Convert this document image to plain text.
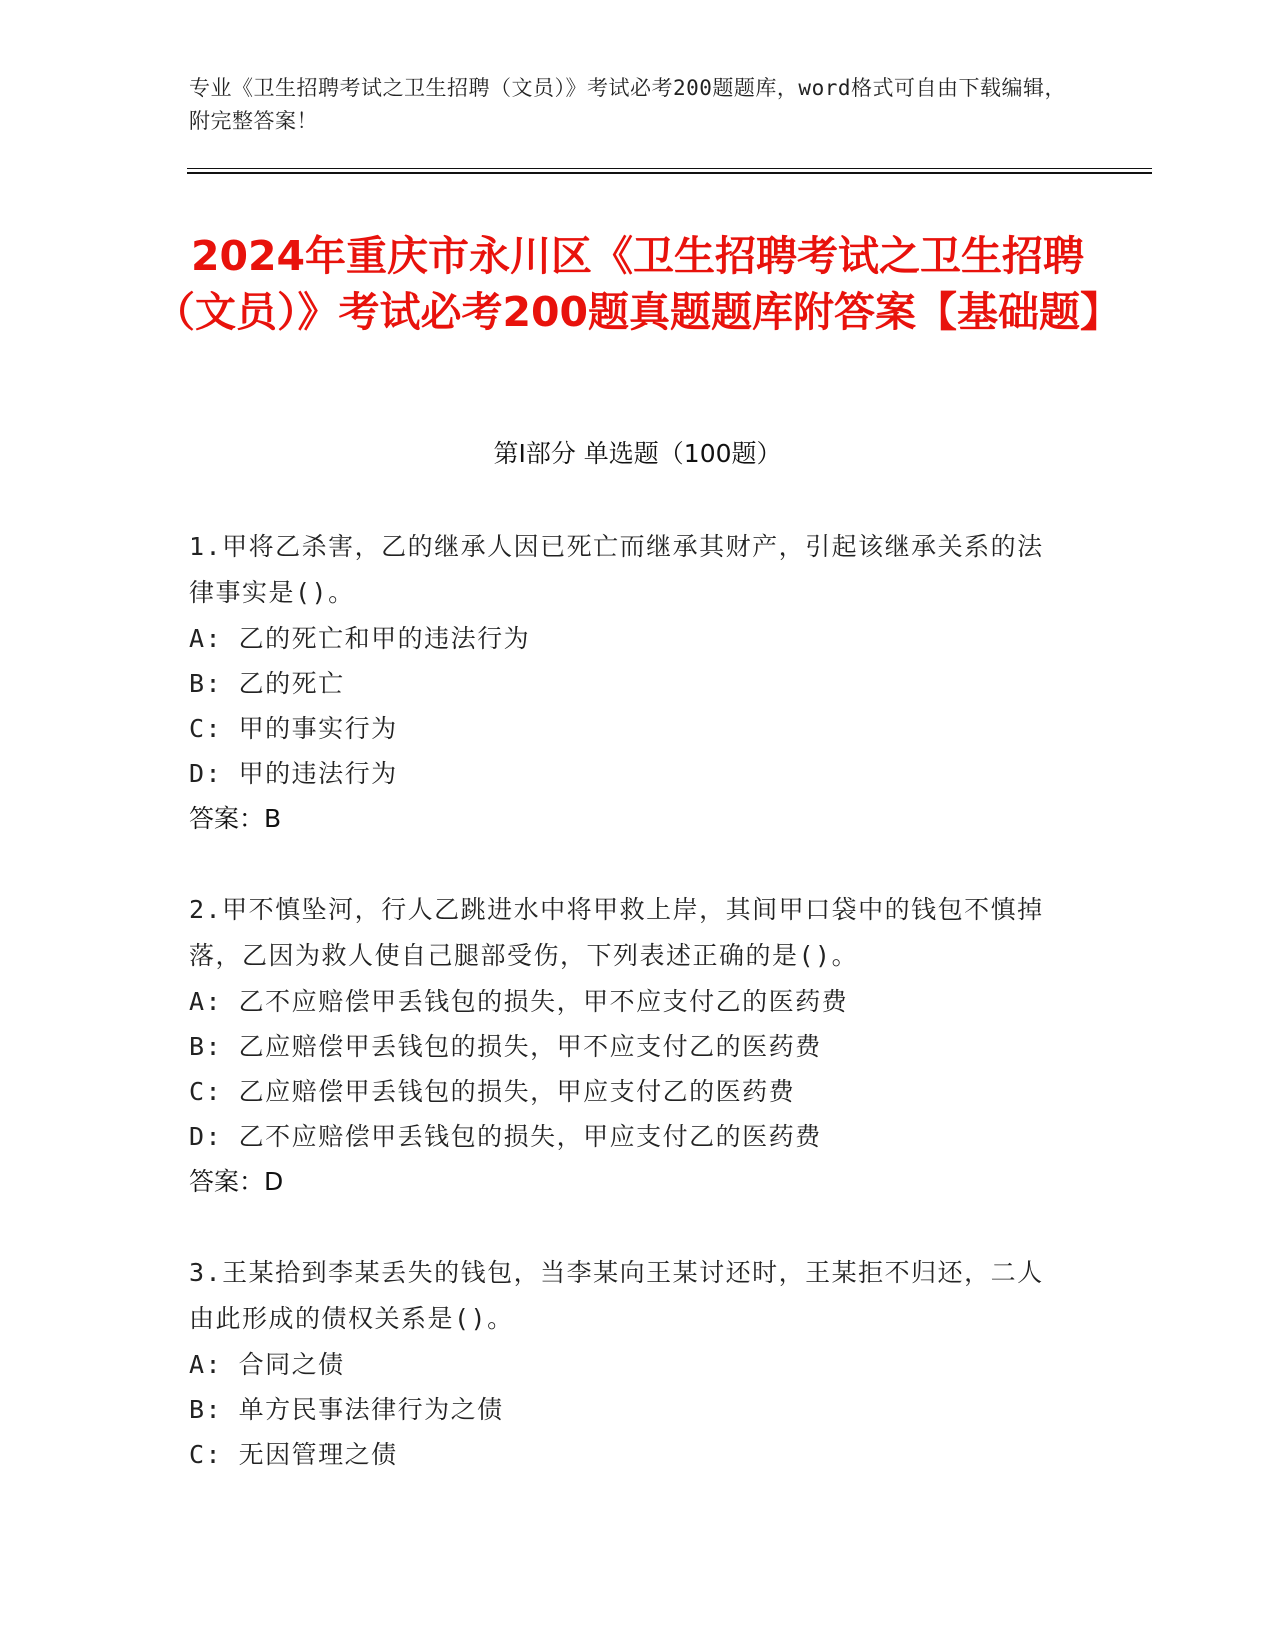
专业《卫生招聘考试之卫生招聘（文员）》考试必考200题题库，word格式可自由下载编辑，附完整答案！
2024年重庆市永川区《卫生招聘考试之卫生招聘（文员）》考试必考200题真题题库附答案【基础题】
第I部分 单选题（100题）
1.甲将乙杀害，乙的继承人因已死亡而继承其财产，引起该继承关系的法律事实是()。
A: 乙的死亡和甲的违法行为
B: 乙的死亡
C: 甲的事实行为
D: 甲的违法行为
答案：B
2.甲不慎坠河，行人乙跳进水中将甲救上岸，其间甲口袋中的钱包不慎掉落，乙因为救人使自己腿部受伤，下列表述正确的是()。
A: 乙不应赔偿甲丢钱包的损失，甲不应支付乙的医药费
B: 乙应赔偿甲丢钱包的损失，甲不应支付乙的医药费
C: 乙应赔偿甲丢钱包的损失，甲应支付乙的医药费
D: 乙不应赔偿甲丢钱包的损失，甲应支付乙的医药费
答案：D
3.王某拾到李某丢失的钱包，当李某向王某讨还时，王某拒不归还，二人由此形成的债权关系是()。
A: 合同之债
B: 单方民事法律行为之债
C: 无因管理之债
